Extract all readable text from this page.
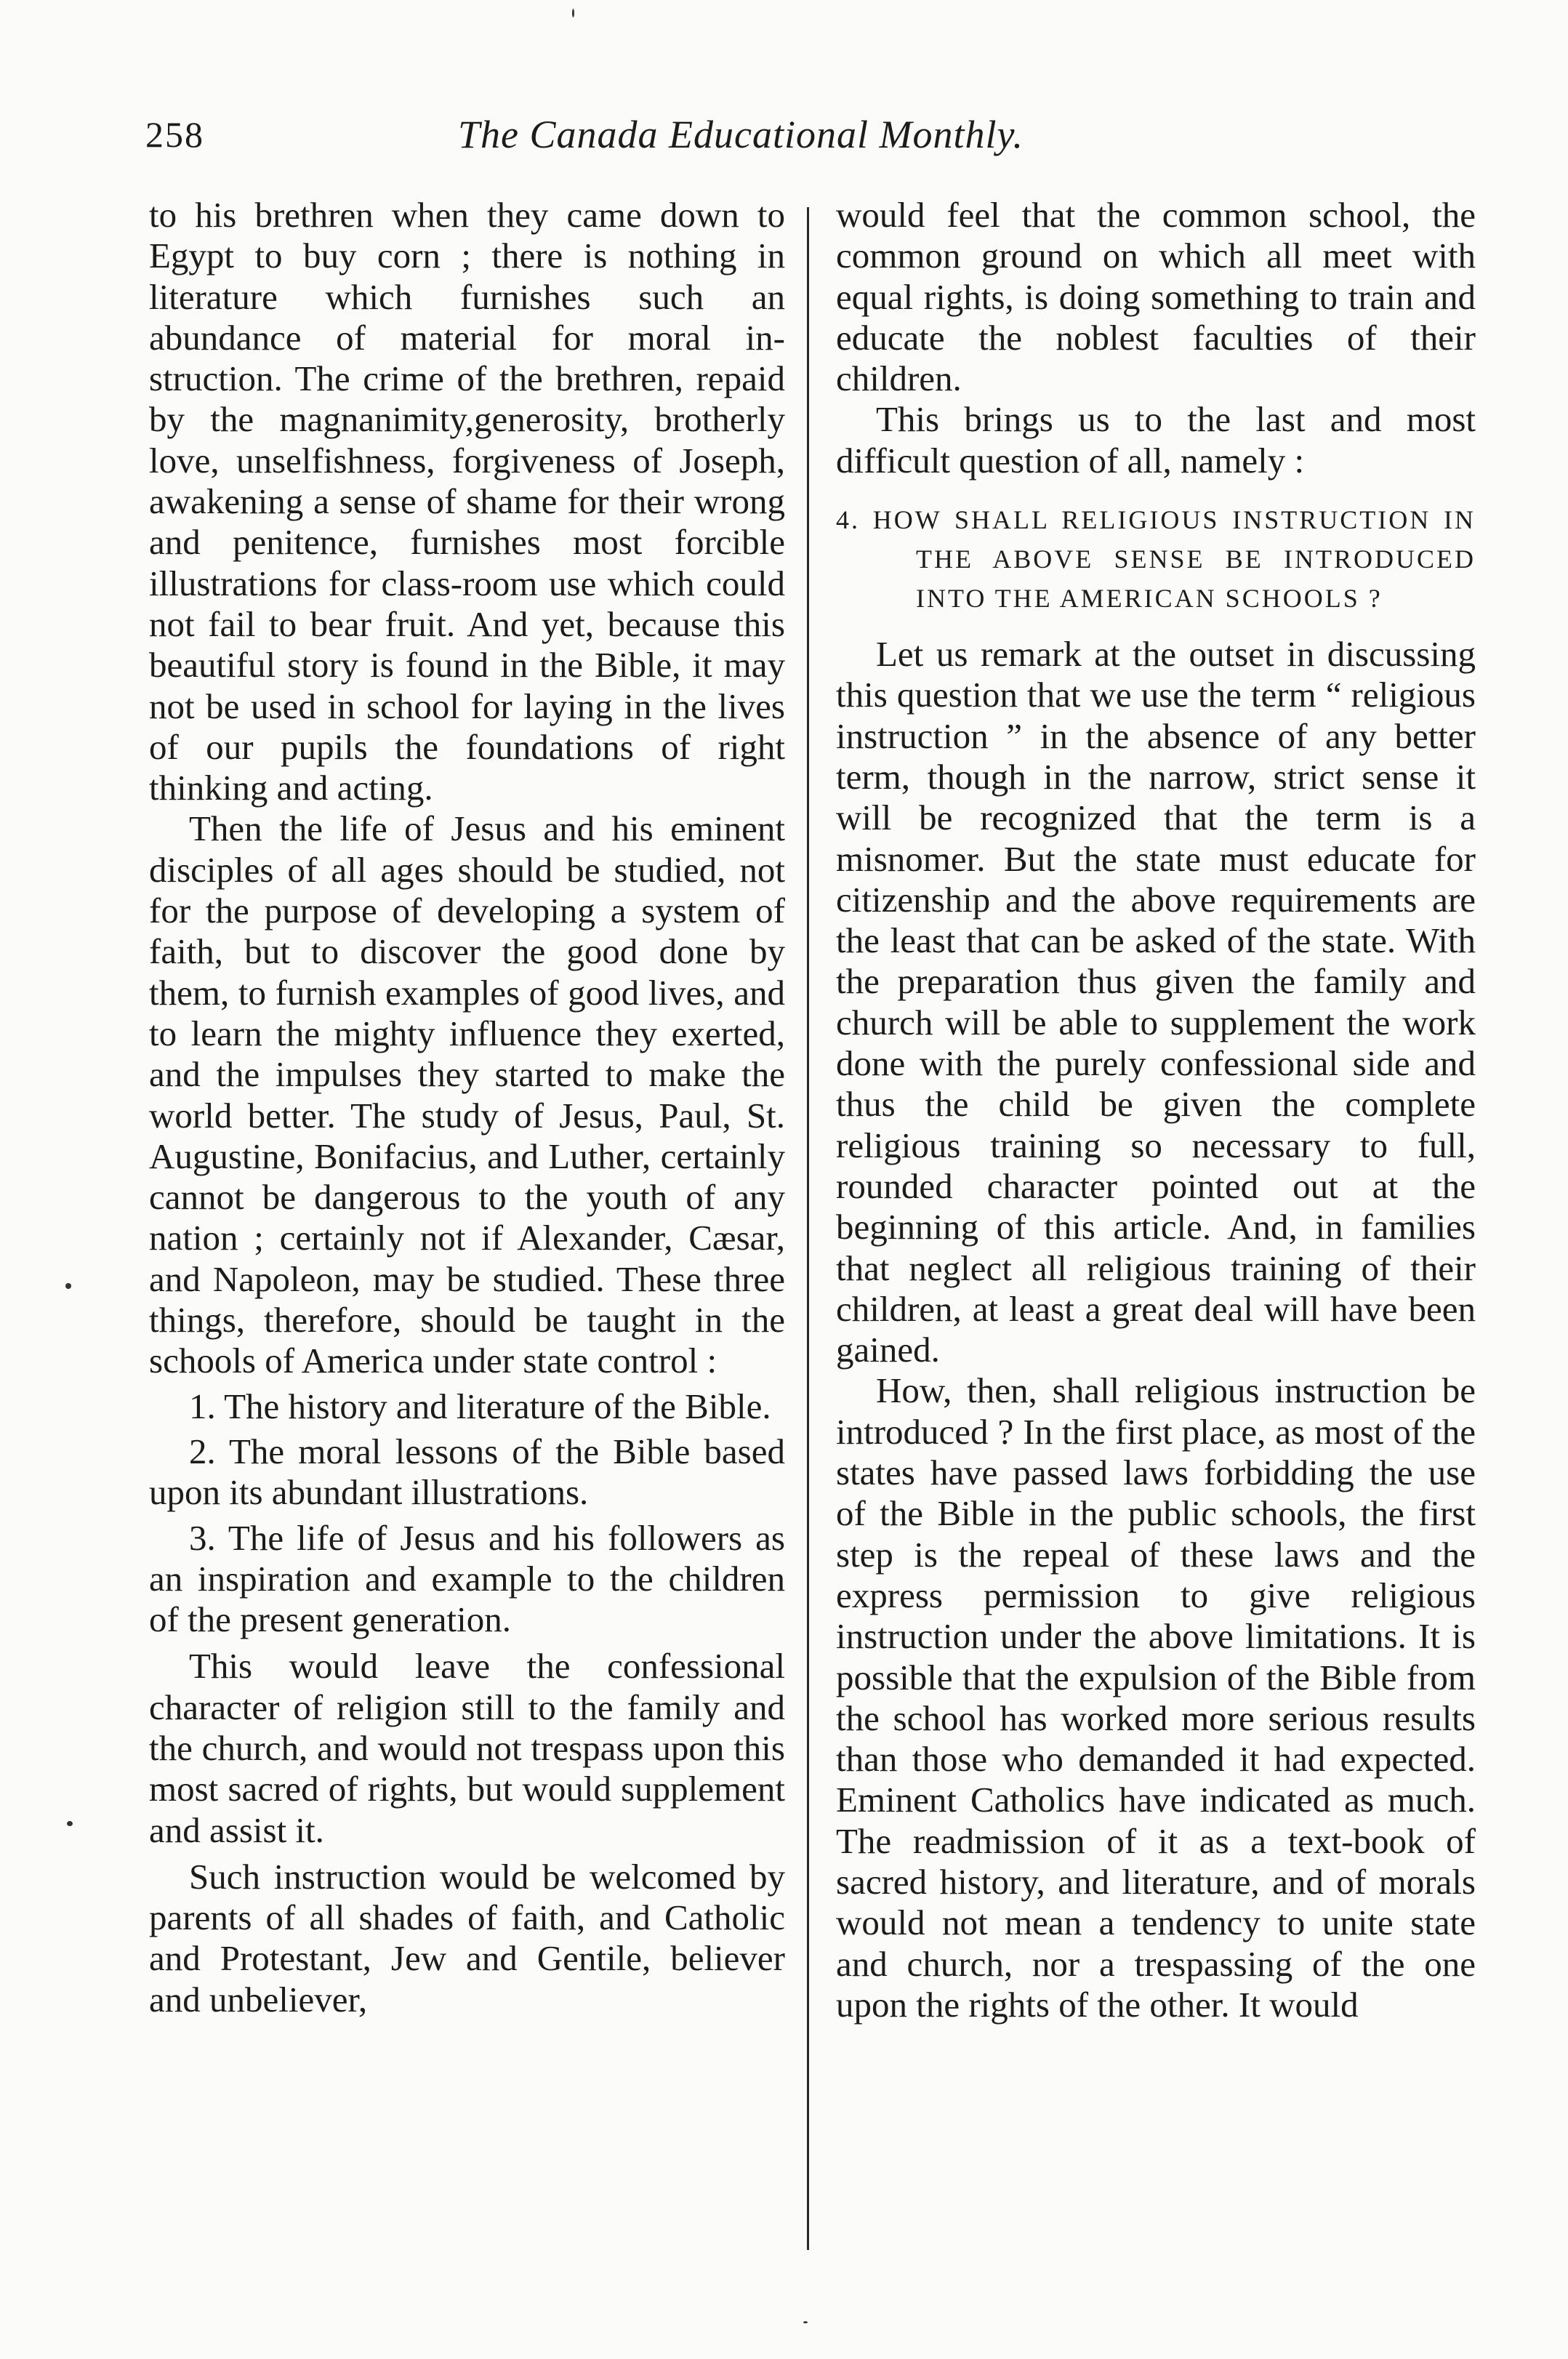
258	The Canada Educational Monthly.

to his brethren when they came down to Egypt to buy corn ; there is nothing in literature which furnishes such an abundance of material for moral in-struction. The crime of the brethren, repaid by the magnanimity,generosity, brotherly love, unselfishness, forgiveness of Joseph, awakening a sense of shame for their wrong and penitence, furnishes most forcible illustrations for class-room use which could not fail to bear fruit. And yet, because this beautiful story is found in the Bible, it may not be used in school for laying in the lives of our pupils the foundations of right thinking and acting.

Then the life of Jesus and his eminent disciples of all ages should be studied, not for the purpose of developing a system of faith, but to discover the good done by them, to furnish examples of good lives, and to learn the mighty influence they exerted, and the impulses they started to make the world better. The study of Jesus, Paul, St. Augustine, Bonifacius, and Luther, certainly cannot be dangerous to the youth of any nation ; certainly not if Alexander, Cæsar, and Napoleon, may be studied. These three things, therefore, should be taught in the schools of America under state control :

1. The history and literature of the Bible.

2. The moral lessons of the Bible based upon its abundant illustrations.

3. The life of Jesus and his followers as an inspiration and example to the children of the present generation.

This would leave the confessional character of religion still to the family and the church, and would not trespass upon this most sacred of rights, but would supplement and assist it.

Such instruction would be welcomed by parents of all shades of faith, and Catholic and Protestant, Jew and Gentile, believer and unbeliever,

would feel that the common school, the common ground on which all meet with equal rights, is doing something to train and educate the noblest faculties of their children.

This brings us to the last and most difficult question of all, namely :

4. HOW SHALL RELIGIOUS INSTRUCTION IN THE ABOVE SENSE BE INTRODUCED INTO THE AMERICAN SCHOOLS ?

Let us remark at the outset in discussing this question that we use the term “ religious instruction ” in the absence of any better term, though in the narrow, strict sense it will be recognized that the term is a misnomer. But the state must educate for citizenship and the above requirements are the least that can be asked of the state. With the preparation thus given the family and church will be able to supplement the work done with the purely confessional side and thus the child be given the complete religious training so necessary to full, rounded character pointed out at the beginning of this article. And, in families that neglect all religious training of their children, at least a great deal will have been gained.

How, then, shall religious instruction be introduced ? In the first place, as most of the states have passed laws forbidding the use of the Bible in the public schools, the first step is the repeal of these laws and the express permission to give religious instruction under the above limitations. It is possible that the expulsion of the Bible from the school has worked more serious results than those who demanded it had expected. Eminent Catholics have indicated as much. The readmission of it as a text-book of sacred history, and literature, and of morals would not mean a tendency to unite state and church, nor a trespassing of the one upon the rights of the other. It would
